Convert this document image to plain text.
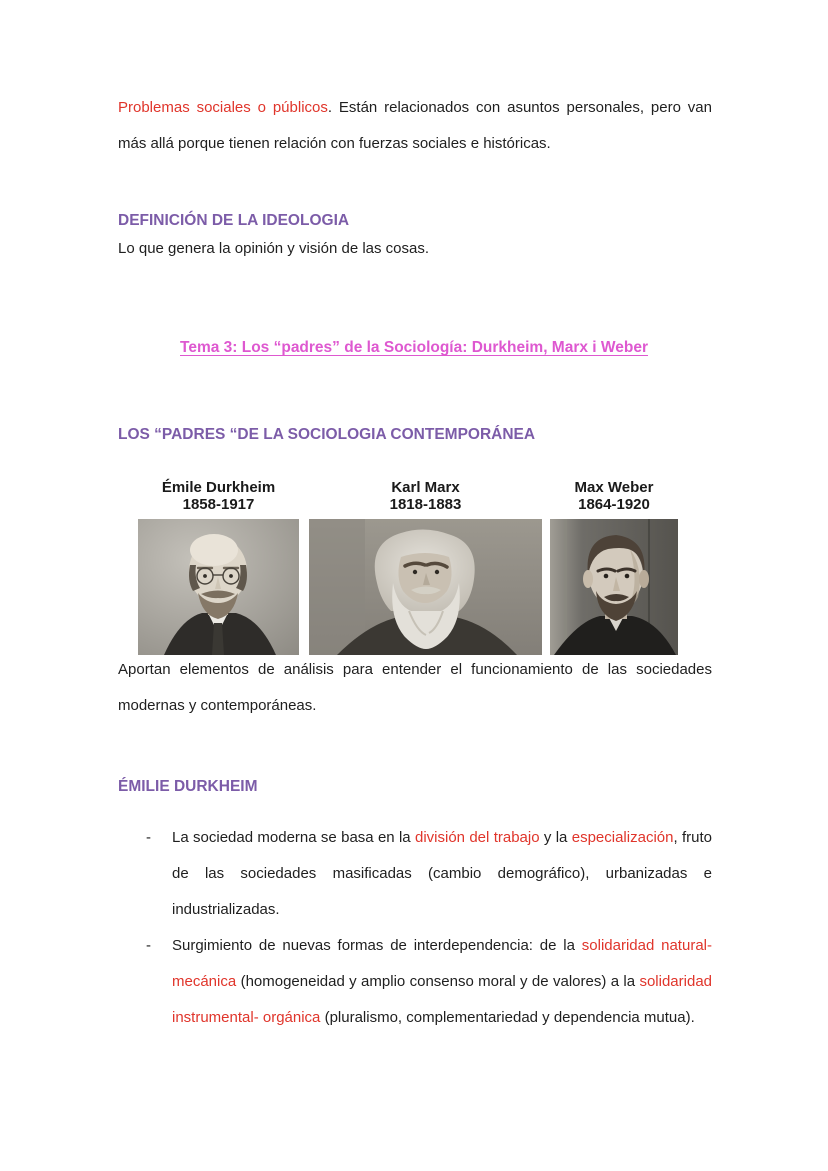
Problemas sociales o públicos. Están relacionados con asuntos personales, pero van más allá porque tienen relación con fuerzas sociales e históricas.

DEFINICIÓN DE LA IDEOLOGIA

Lo que genera la opinión y visión de las cosas.

Tema 3: Los “padres” de la Sociología: Durkheim, Marx i Weber
LOS “PADRES “DE LA SOCIOLOGIA CONTEMPORÁNEA
Émile Durkheim
1858-1917
Karl Marx
1818-1883
Max Weber
1864-1920

Aportan elementos de análisis para entender el funcionamiento de las sociedades modernas y contemporáneas.

ÉMILIE DURKHEIM
-	La sociedad moderna se basa en la división del trabajo y la especialización, fruto de las sociedades masificadas (cambio demográfico), urbanizadas e industrializadas.

-	Surgimiento de nuevas formas de interdependencia: de la solidaridad natural- mecánica (homogeneidad y amplio consenso moral y de valores) a la solidaridad instrumental- orgánica (pluralismo, complementariedad y dependencia mutua).
